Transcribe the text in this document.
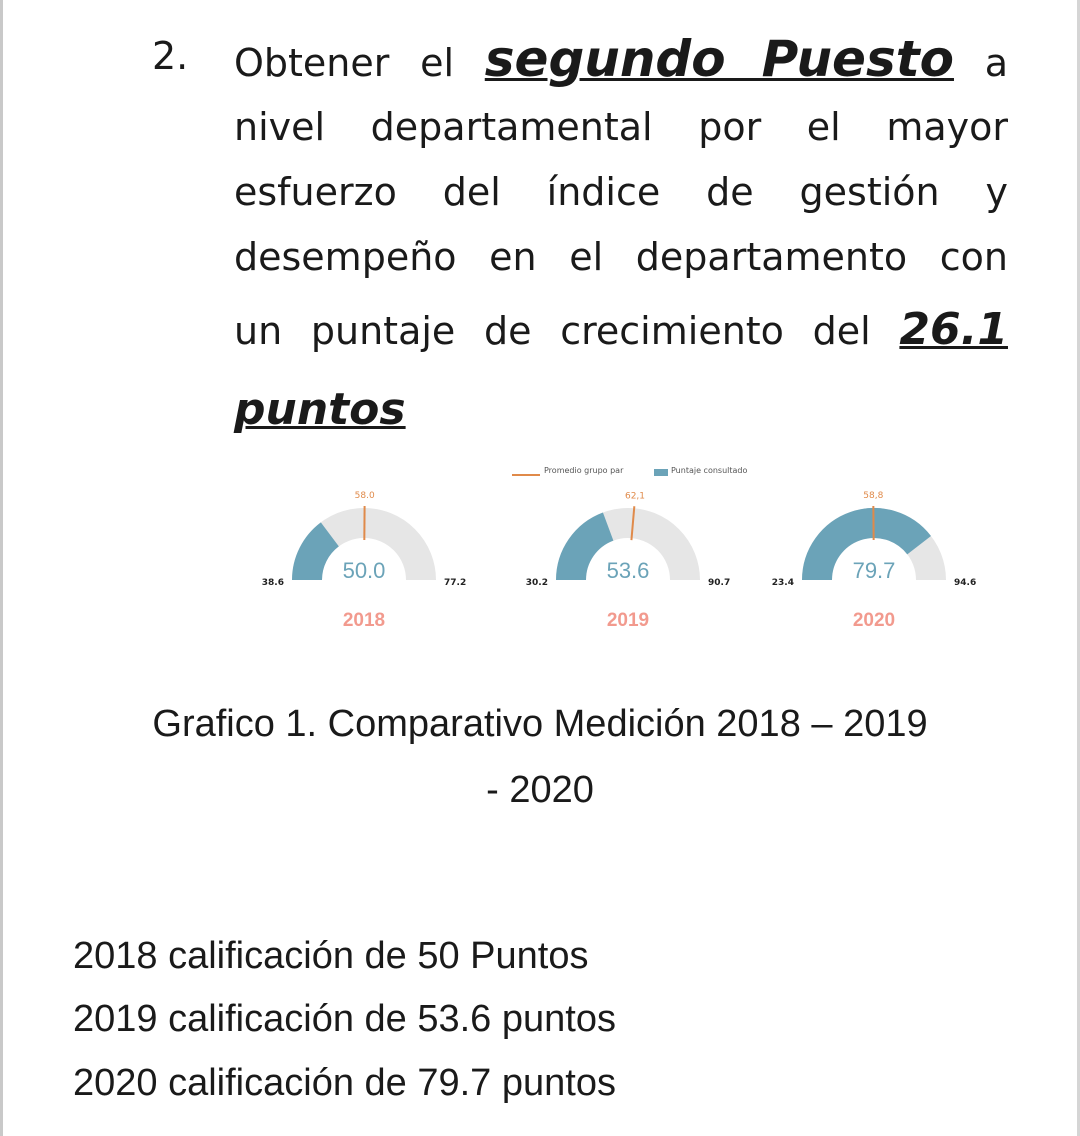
2. Obtener el segundo Puesto a
nivel departamental por el mayor
esfuerzo del índice de gestión y
desempeño en el departamento con
un puntaje de crecimiento del 26.1
puntos
Promedio grupo par	Puntaje consultado
58.0
50.0
38.6	77.2
2018
62,1
53.6
30.2	90.7
2019
58,8
79.7
23.4	94.6
2020
Grafico 1. Comparativo Medición 2018 – 2019
- 2020
2018 calificación de 50 Puntos
2019 calificación de 53.6 puntos
2020 calificación de 79.7 puntos
